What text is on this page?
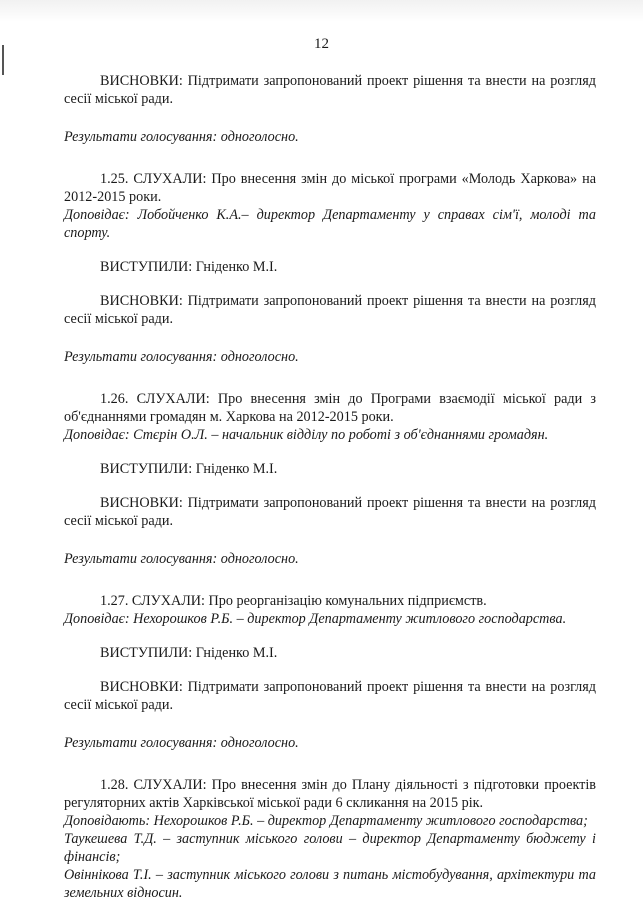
12

ВИСНОВКИ: Підтримати запропонований проект рішення та внести на розгляд сесії міської ради.

Результати голосування: одноголосно.

1.25. СЛУХАЛИ: Про внесення змін до міської програми «Молодь Харкова» на 2012-2015 роки.

Доповідає: Лобойченко К.А.– директор Департаменту у справах сім'ї, молоді та спорту.

ВИСТУПИЛИ: Гніденко М.І.

ВИСНОВКИ: Підтримати запропонований проект рішення та внести на розгляд сесії міської ради.

Результати голосування: одноголосно.

1.26. СЛУХАЛИ: Про внесення змін до Програми взаємодії міської ради з об'єднаннями громадян м. Харкова на 2012-2015 роки.

Доповідає: Стєрін О.Л. – начальник відділу по роботі з об'єднаннями громадян.

ВИСТУПИЛИ: Гніденко М.І.

ВИСНОВКИ: Підтримати запропонований проект рішення та внести на розгляд сесії міської ради.

Результати голосування: одноголосно.

1.27. СЛУХАЛИ: Про реорганізацію комунальних підприємств.

Доповідає: Нехорошков Р.Б. – директор Департаменту житлового господарства.

ВИСТУПИЛИ: Гніденко М.І.

ВИСНОВКИ: Підтримати запропонований проект рішення та внести на розгляд сесії міської ради.

Результати голосування: одноголосно.

1.28. СЛУХАЛИ: Про внесення змін до Плану діяльності з підготовки проектів регуляторних актів Харківської міської ради 6 скликання на 2015 рік.

Доповідають: Нехорошков Р.Б. – директор Департаменту житлового господарства;

Таукешева Т.Д. – заступник міського голови – директор Департаменту бюджету і фінансів;

Овіннікова Т.І. – заступник міського голови з питань містобудування, архітектури та земельних відносин.
